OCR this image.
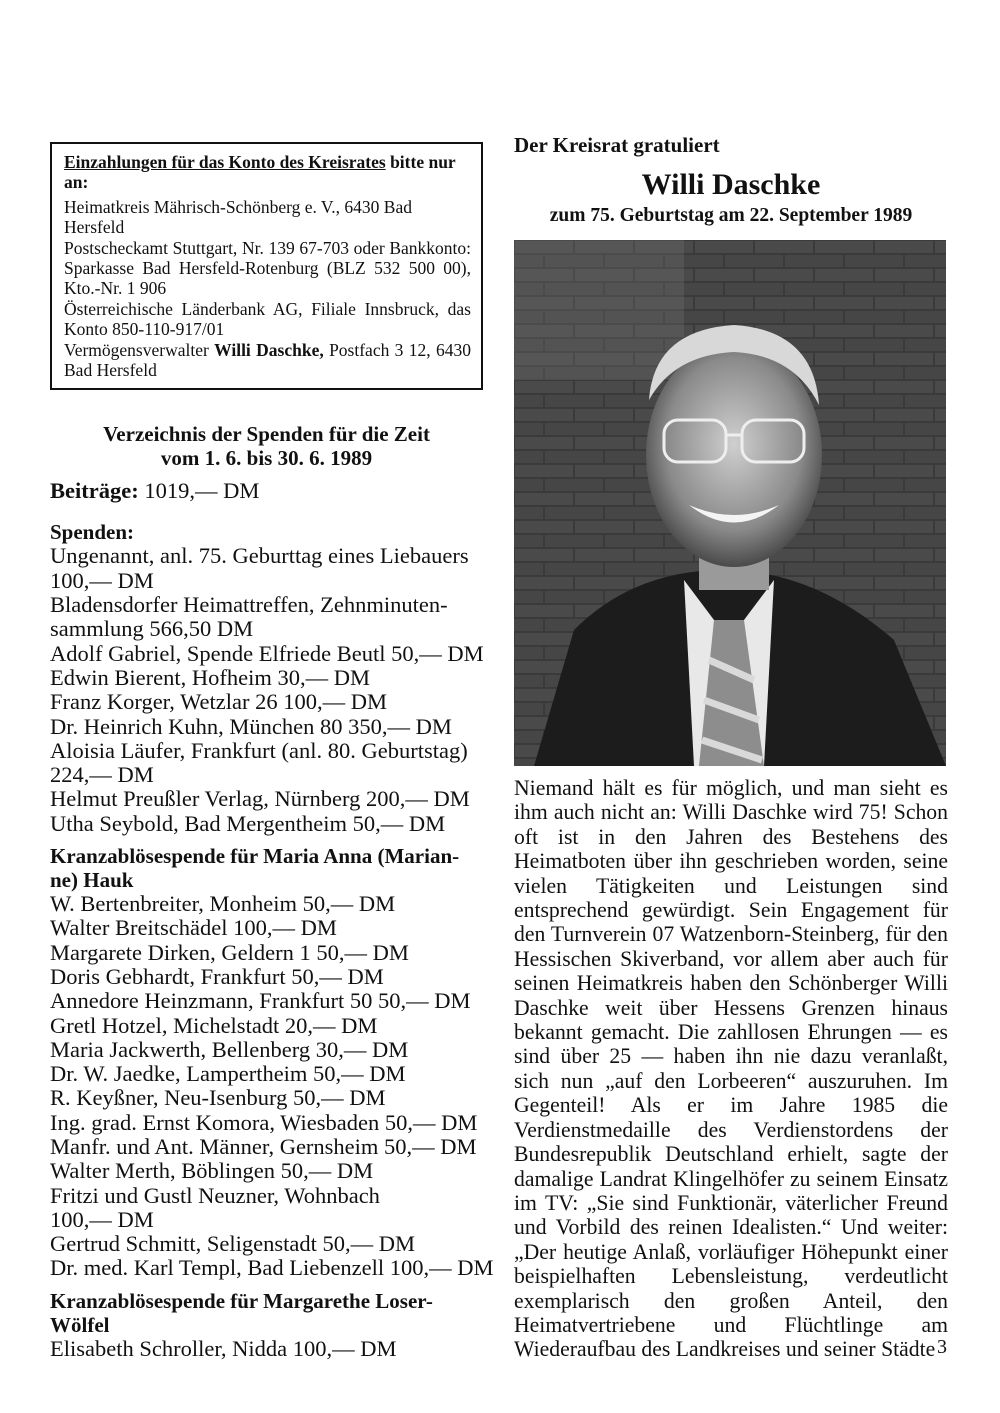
Einzahlungen für das Konto des Kreisrates bitte nur an:

Heimatkreis Mährisch-Schönberg e. V., 6430 Bad Hersfeld

Postscheckamt Stuttgart, Nr. 139 67-703 oder Bankkonto: Sparkasse Bad Hersfeld-Rotenburg (BLZ 532 500 00), Kto.-Nr. 1 906

Österreichische Länderbank AG, Filiale Innsbruck, das Konto 850-110-917/01

Vermögensverwalter Willi Daschke, Postfach 3 12, 6430 Bad Hersfeld

Verzeichnis der Spenden für die Zeit
vom 1. 6. bis 30. 6. 1989
Beiträge: 1019,— DM
Spenden:
Ungenannt, anl. 75. Geburttag eines Liebauers
100,— DM
Bladensdorfer Heimattreffen, Zehnminuten-
sammlung 566,50 DM
Adolf Gabriel, Spende Elfriede Beutl 50,— DM
Edwin Bierent, Hofheim 30,— DM
Franz Korger, Wetzlar 26 100,— DM
Dr. Heinrich Kuhn, München 80 350,— DM
Aloisia Läufer, Frankfurt (anl. 80. Geburtstag)
224,— DM
Helmut Preußler Verlag, Nürnberg 200,— DM
Utha Seybold, Bad Mergentheim 50,— DM
Kranzablösespende für Maria Anna (Marian-
ne) Hauk
W. Bertenbreiter, Monheim 50,— DM
Walter Breitschädel 100,— DM
Margarete Dirken, Geldern 1 50,— DM
Doris Gebhardt, Frankfurt 50,— DM
Annedore Heinzmann, Frankfurt 50 50,— DM
Gretl Hotzel, Michelstadt 20,— DM
Maria Jackwerth, Bellenberg 30,— DM
Dr. W. Jaedke, Lampertheim 50,— DM
R. Keyßner, Neu-Isenburg 50,— DM
Ing. grad. Ernst Komora, Wiesbaden 50,— DM
Manfr. und Ant. Männer, Gernsheim 50,— DM
Walter Merth, Böblingen 50,— DM
Fritzi und Gustl Neuzner, Wohnbach
100,— DM
Gertrud Schmitt, Seligenstadt 50,— DM
Dr. med. Karl Templ, Bad Liebenzell 100,— DM
Kranzablösespende für Margarethe Loser-
Wölfel
Elisabeth Schroller, Nidda 100,— DM
Der Kreisrat gratuliert
Willi Daschke
zum 75. Geburtstag am 22. September 1989
Niemand hält es für möglich, und man sieht es ihm auch nicht an: Willi Daschke wird 75! Schon oft ist in den Jahren des Bestehens des Heimatboten über ihn geschrieben worden, seine vielen Tätigkeiten und Leistungen sind entsprechend gewürdigt. Sein Engagement für den Turnverein 07 Watzenborn-Steinberg, für den Hessischen Skiverband, vor allem aber auch für seinen Heimatkreis haben den Schönberger Willi Daschke weit über Hessens Grenzen hinaus bekannt gemacht. Die zahllosen Ehrungen — es sind über 25 — haben ihn nie dazu veranlaßt, sich nun „auf den Lorbeeren“ auszuruhen. Im Gegenteil! Als er im Jahre 1985 die Verdienstmedaille des Verdienstordens der Bundesrepublik Deutschland erhielt, sagte der damalige Landrat Klingelhöfer zu seinem Einsatz im TV: „Sie sind Funktionär, väterlicher Freund und Vorbild des reinen Idealisten.“ Und weiter: „Der heutige Anlaß, vorläufiger Höhepunkt einer beispielhaften Lebensleistung, verdeutlicht exemplarisch den großen Anteil, den Heimatvertriebene und Flüchtlinge am Wiederaufbau des Landkreises und seiner Städte 3
